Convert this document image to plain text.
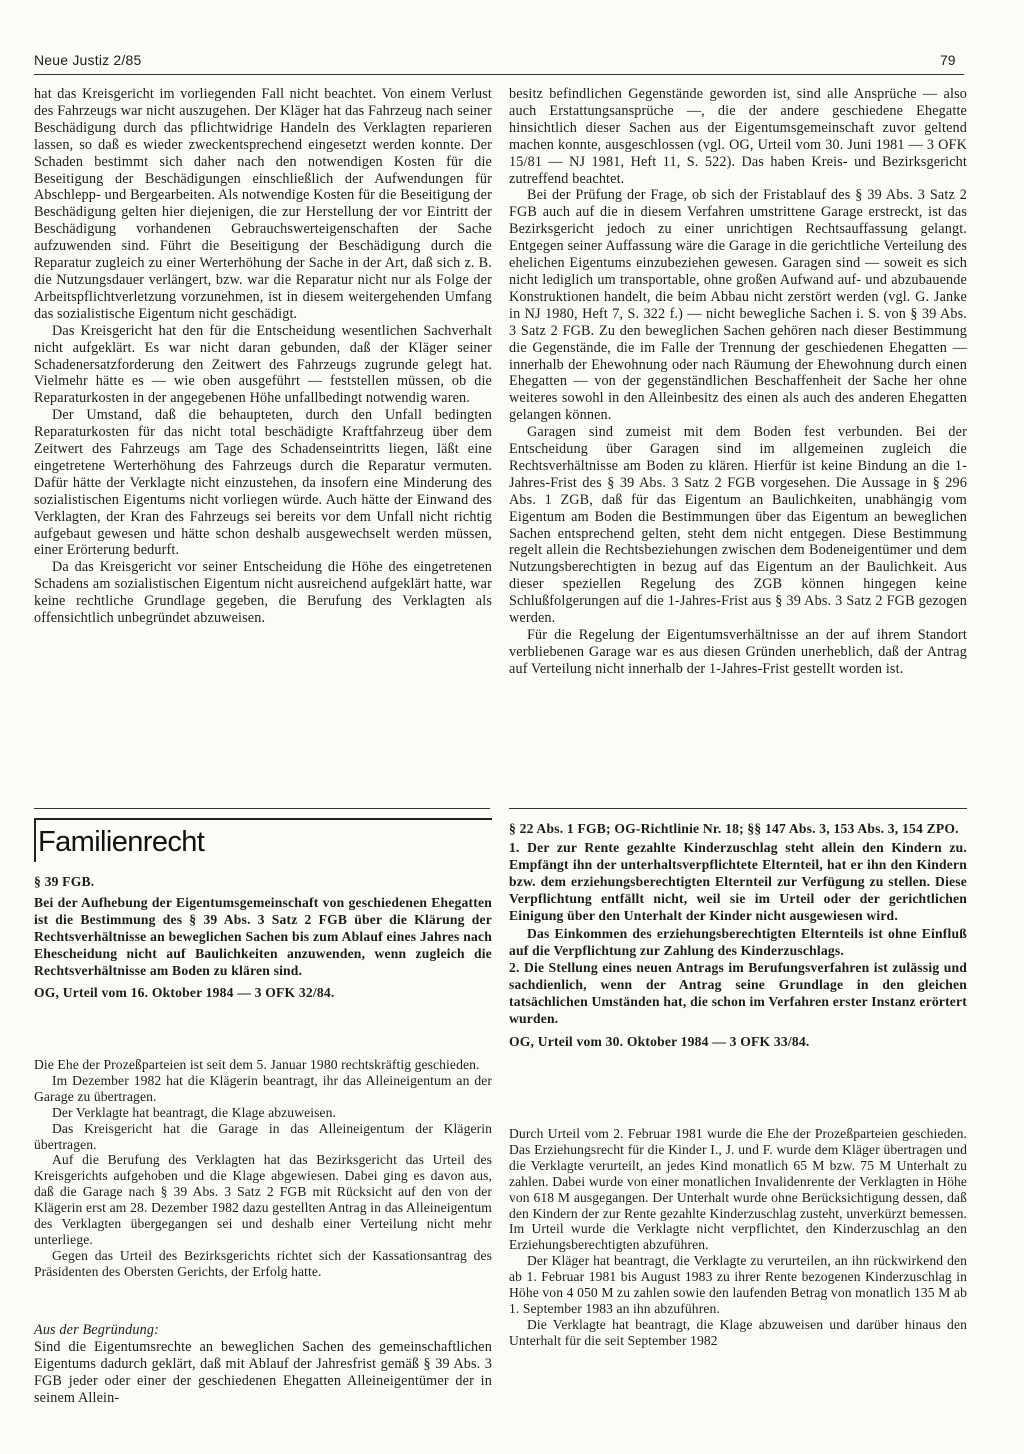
Neue Justiz 2/85	79

hat das Kreisgericht im vorliegenden Fall nicht beachtet. Von einem Verlust des Fahrzeugs war nicht auszugehen. Der Kläger hat das Fahrzeug nach seiner Beschädigung durch das pflichtwidrige Handeln des Verklagten reparieren lassen, so daß es wieder zweckentsprechend eingesetzt werden konnte. Der Schaden bestimmt sich daher nach den notwendigen Kosten für die Beseitigung der Beschädigungen einschließlich der Aufwendungen für Abschlepp- und Bergearbeiten. Als notwendige Kosten für die Beseitigung der Beschädigung gelten hier diejenigen, die zur Herstellung der vor Eintritt der Beschädigung vorhandenen Gebrauchswerteigenschaften der Sache aufzuwenden sind. Führt die Beseitigung der Beschädigung durch die Reparatur zugleich zu einer Werterhöhung der Sache in der Art, daß sich z. B. die Nutzungsdauer verlängert, bzw. war die Reparatur nicht nur als Folge der Arbeitspflichtverletzung vorzunehmen, ist in diesem weitergehenden Umfang das sozialistische Eigentum nicht geschädigt.

Das Kreisgericht hat den für die Entscheidung wesentlichen Sachverhalt nicht aufgeklärt. Es war nicht daran gebunden, daß der Kläger seiner Schadenersatzforderung den Zeitwert des Fahrzeugs zugrunde gelegt hat. Vielmehr hätte es — wie oben ausgeführt — feststellen müssen, ob die Reparaturkosten in der angegebenen Höhe unfallbedingt notwendig waren.

Der Umstand, daß die behaupteten, durch den Unfall bedingten Reparaturkosten für das nicht total beschädigte Kraftfahrzeug über dem Zeitwert des Fahrzeugs am Tage des Schadenseintritts liegen, läßt eine eingetretene Werterhöhung des Fahrzeugs durch die Reparatur vermuten. Dafür hätte der Verklagte nicht einzustehen, da insofern eine Minderung des sozialistischen Eigentums nicht vorliegen würde. Auch hätte der Einwand des Verklagten, der Kran des Fahrzeugs sei bereits vor dem Unfall nicht richtig aufgebaut gewesen und hätte schon deshalb ausgewechselt werden müssen, einer Erörterung bedurft.

Da das Kreisgericht vor seiner Entscheidung die Höhe des eingetretenen Schadens am sozialistischen Eigentum nicht ausreichend aufgeklärt hatte, war keine rechtliche Grundlage gegeben, die Berufung des Verklagten als offensichtlich unbegründet abzuweisen.

besitz befindlichen Gegenstände geworden ist, sind alle Ansprüche — also auch Erstattungsansprüche —, die der andere geschiedene Ehegatte hinsichtlich dieser Sachen aus der Eigentumsgemeinschaft zuvor geltend machen konnte, ausgeschlossen (vgl. OG, Urteil vom 30. Juni 1981 — 3 OFK 15/81 — NJ 1981, Heft 11, S. 522). Das haben Kreis- und Bezirksgericht zutreffend beachtet.

Bei der Prüfung der Frage, ob sich der Fristablauf des § 39 Abs. 3 Satz 2 FGB auch auf die in diesem Verfahren umstrittene Garage erstreckt, ist das Bezirksgericht jedoch zu einer unrichtigen Rechtsauffassung gelangt. Entgegen seiner Auffassung wäre die Garage in die gerichtliche Verteilung des ehelichen Eigentums einzubeziehen gewesen. Garagen sind — soweit es sich nicht lediglich um transportable, ohne großen Aufwand auf- und abzubauende Konstruktionen handelt, die beim Abbau nicht zerstört werden (vgl. G. Janke in NJ 1980, Heft 7, S. 322 f.) — nicht bewegliche Sachen i. S. von § 39 Abs. 3 Satz 2 FGB. Zu den beweglichen Sachen gehören nach dieser Bestimmung die Gegenstände, die im Falle der Trennung der geschiedenen Ehegatten — innerhalb der Ehewohnung oder nach Räumung der Ehewohnung durch einen Ehegatten — von der gegenständlichen Beschaffenheit der Sache her ohne weiteres sowohl in den Alleinbesitz des einen als auch des anderen Ehegatten gelangen können.

Garagen sind zumeist mit dem Boden fest verbunden. Bei der Entscheidung über Garagen sind im allgemeinen zugleich die Rechtsverhältnisse am Boden zu klären. Hierfür ist keine Bindung an die 1-Jahres-Frist des § 39 Abs. 3 Satz 2 FGB vorgesehen. Die Aussage in § 296 Abs. 1 ZGB, daß für das Eigentum an Baulichkeiten, unabhängig vom Eigentum am Boden die Bestimmungen über das Eigentum an beweglichen Sachen entsprechend gelten, steht dem nicht entgegen. Diese Bestimmung regelt allein die Rechtsbeziehungen zwischen dem Bodeneigentümer und dem Nutzungsberechtigten in bezug auf das Eigentum an der Baulichkeit. Aus dieser speziellen Regelung des ZGB können hingegen keine Schlußfolgerungen auf die 1-Jahres-Frist aus § 39 Abs. 3 Satz 2 FGB gezogen werden.

Für die Regelung der Eigentumsverhältnisse an der auf ihrem Standort verbliebenen Garage war es aus diesen Gründen unerheblich, daß der Antrag auf Verteilung nicht innerhalb der 1-Jahres-Frist gestellt worden ist.

Familienrecht

§ 39 FGB.

Bei der Aufhebung der Eigentumsgemeinschaft von geschiedenen Ehegatten ist die Bestimmung des § 39 Abs. 3 Satz 2 FGB über die Klärung der Rechtsverhältnisse an beweglichen Sachen bis zum Ablauf eines Jahres nach Ehescheidung nicht auf Baulichkeiten anzuwenden, wenn zugleich die Rechtsverhältnisse am Boden zu klären sind.

OG, Urteil vom 16. Oktober 1984 — 3 OFK 32/84.

Die Ehe der Prozeßparteien ist seit dem 5. Januar 1980 rechtskräftig geschieden.

Im Dezember 1982 hat die Klägerin beantragt, ihr das Alleineigentum an der Garage zu übertragen.

Der Verklagte hat beantragt, die Klage abzuweisen.

Das Kreisgericht hat die Garage in das Alleineigentum der Klägerin übertragen.

Auf die Berufung des Verklagten hat das Bezirksgericht das Urteil des Kreisgerichts aufgehoben und die Klage abgewiesen. Dabei ging es davon aus, daß die Garage nach § 39 Abs. 3 Satz 2 FGB mit Rücksicht auf den von der Klägerin erst am 28. Dezember 1982 dazu gestellten Antrag in das Alleineigentum des Verklagten übergegangen sei und deshalb einer Verteilung nicht mehr unterliege.

Gegen das Urteil des Bezirksgerichts richtet sich der Kassationsantrag des Präsidenten des Obersten Gerichts, der Erfolg hatte.

Aus der Begründung:

Sind die Eigentumsrechte an beweglichen Sachen des gemeinschaftlichen Eigentums dadurch geklärt, daß mit Ablauf der Jahresfrist gemäß § 39 Abs. 3 FGB jeder oder einer der geschiedenen Ehegatten Alleineigentümer der in seinem Allein-

§ 22 Abs. 1 FGB; OG-Richtlinie Nr. 18; §§ 147 Abs. 3, 153 Abs. 3, 154 ZPO.

1. Der zur Rente gezahlte Kinderzuschlag steht allein den Kindern zu. Empfängt ihn der unterhaltsverpflichtete Elternteil, hat er ihn den Kindern bzw. dem erziehungsberechtigten Elternteil zur Verfügung zu stellen. Diese Verpflichtung entfällt nicht, weil sie im Urteil oder der gerichtlichen Einigung über den Unterhalt der Kinder nicht ausgewiesen wird.

Das Einkommen des erziehungsberechtigten Elternteils ist ohne Einfluß auf die Verpflichtung zur Zahlung des Kinderzuschlags.

2. Die Stellung eines neuen Antrags im Berufungsverfahren ist zulässig und sachdienlich, wenn der Antrag seine Grundlage in den gleichen tatsächlichen Umständen hat, die schon im Verfahren erster Instanz erörtert wurden.

OG, Urteil vom 30. Oktober 1984 — 3 OFK 33/84.

Durch Urteil vom 2. Februar 1981 wurde die Ehe der Prozeßparteien geschieden. Das Erziehungsrecht für die Kinder I., J. und F. wurde dem Kläger übertragen und die Verklagte verurteilt, an jedes Kind monatlich 65 M bzw. 75 M Unterhalt zu zahlen. Dabei wurde von einer monatlichen Invalidenrente der Verklagten in Höhe von 618 M ausgegangen. Der Unterhalt wurde ohne Berücksichtigung dessen, daß den Kindern der zur Rente gezahlte Kinderzuschlag zusteht, unverkürzt bemessen. Im Urteil wurde die Verklagte nicht verpflichtet, den Kinderzuschlag an den Erziehungsberechtigten abzuführen.

Der Kläger hat beantragt, die Verklagte zu verurteilen, an ihn rückwirkend den ab 1. Februar 1981 bis August 1983 zu ihrer Rente bezogenen Kinderzuschlag in Höhe von 4 050 M zu zahlen sowie den laufenden Betrag von monatlich 135 M ab 1. September 1983 an ihn abzuführen.

Die Verklagte hat beantragt, die Klage abzuweisen und darüber hinaus den Unterhalt für die seit September 1982
